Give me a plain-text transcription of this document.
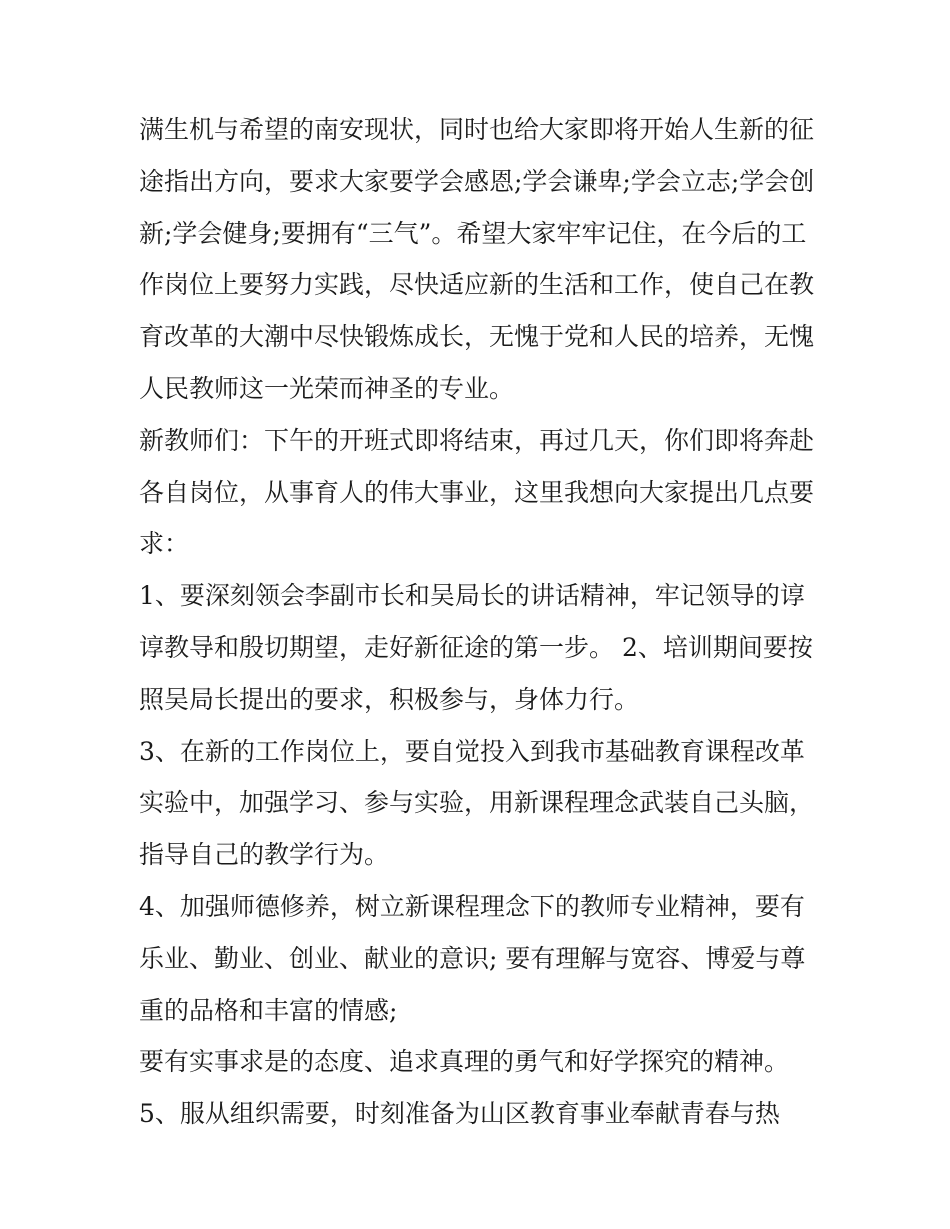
满生机与希望的南安现状，同时也给大家即将开始人生新的征
途指出方向，要求大家要学会感恩;学会谦卑;学会立志;学会创
新;学会健身;要拥有“三气”。希望大家牢牢记住，在今后的工
作岗位上要努力实践，尽快适应新的生活和工作，使自己在教
育改革的大潮中尽快锻炼成长，无愧于党和人民的培养，无愧
人民教师这一光荣而神圣的专业。
新教师们：下午的开班式即将结束，再过几天，你们即将奔赴
各自岗位，从事育人的伟大事业，这里我想向大家提出几点要
求：
1、要深刻领会李副市长和吴局长的讲话精神，牢记领导的谆
谆教导和殷切期望，走好新征途的第一步。 2、培训期间要按
照吴局长提出的要求，积极参与，身体力行。
3、在新的工作岗位上，要自觉投入到我市基础教育课程改革
实验中，加强学习、参与实验，用新课程理念武装自己头脑，
指导自己的教学行为。
4、加强师德修养，树立新课程理念下的教师专业精神，要有
乐业、勤业、创业、献业的意识; 要有理解与宽容、博爱与尊
重的品格和丰富的情感;
要有实事求是的态度、追求真理的勇气和好学探究的精神。
5、服从组织需要，时刻准备为山区教育事业奉献青春与热
